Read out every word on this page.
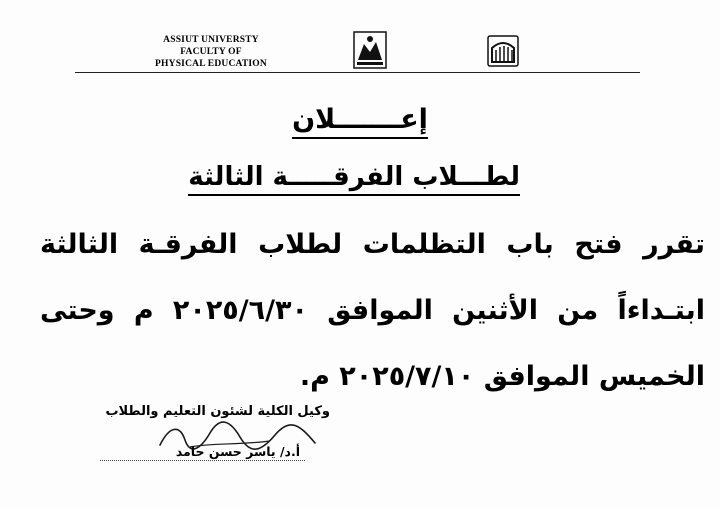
ASSIUT UNIVERSTY
FACULTY OF
PHYSICAL EDUCATION
إعـــــــلان
لطـــلاب الفرقـــــة الثالثة
تقرر فتح باب التظلمات لطلاب الفرقـة الثالثة ابتـداءاً من الأثنين الموافق ٢٠٢٥/٦/٣٠ م وحتى الخميس الموافق ٢٠٢٥/٧/١٠ م.
وكيل الكلية لشئون التعليم والطلاب
أ.د/ ياسر حسن حامد
